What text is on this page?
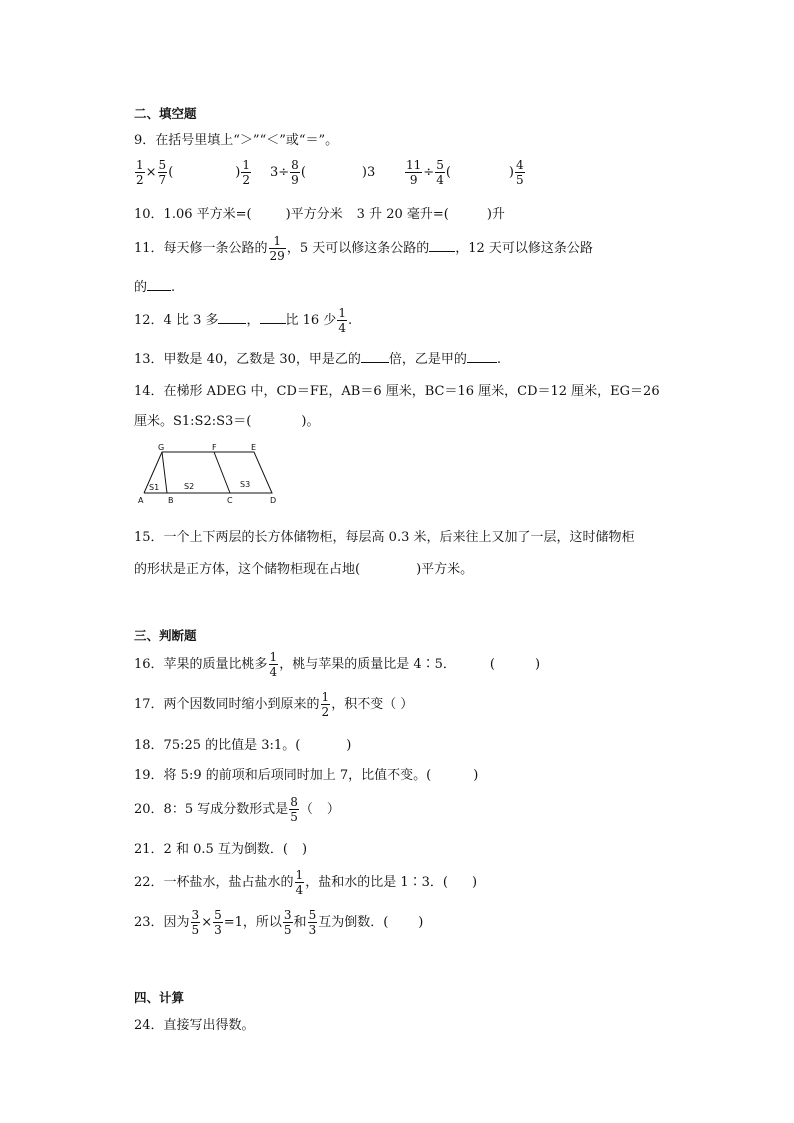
二、填空题
9．在括号里填上“＞”“＜”或“＝”。
$\frac{1}{2} \times \frac{5}{7}$ (	) $\frac{1}{2} 3\div \frac{8}{9}$ (	)$3 \frac{11}{9} \div \frac{5}{4}$ (	) $\frac{4}{5}$
10．1.06 平方米=(	)平方分米 3 升 20 毫升=(	)升
11．每天修一条公路的 $\frac{1}{29}$ ，5 天可以修这条公路的 ，12 天可以修这条公路
的 .
12．4 比 3 多 ， 比 16 少 $\frac{1}{4}$ .
13．甲数是 40，乙数是 30，甲是乙的 倍，乙是甲的 .
14．在梯形 ADEG 中，CD＝FE，AB＝6 厘米，BC＝16 厘米，CD＝12 厘米，EG＝26
厘米。S1:S2:S3＝(	)。
G	F	E
A	B	C	D
S1	S2	S3
15．一个上下两层的长方体储物柜，每层高 0.3 米，后来往上又加了一层，这时储物柜
的形状是正方体，这个储物柜现在占地(	)平方米。
三、判断题
16．苹果的质量比桃多 $\frac{1}{4}$ ，桃与苹果的质量比是 4∶5．	(	)
17．两个因数同时缩小到原来的 $\frac{1}{2}$ ，积不变（ ）
18．75:25 的比值是 3:1。(	)
19．将 5:9 的前项和后项同时加上 7，比值不变。(	)
20．8：5 写成分数形式是 $\frac{8}{5}$ （ ）
21．2 和 0.5 互为倒数．( )
22．一杯盐水，盐占盐水的 $\frac{1}{4}$ ，盐和水的比是 1∶3．( )
23．因为 $\frac{3}{5} \times \frac{5}{3} =1$，所以 $\frac{3}{5}$ 和 $\frac{5}{3}$ 互为倒数．( )
四、计算
24．直接写出得数。
